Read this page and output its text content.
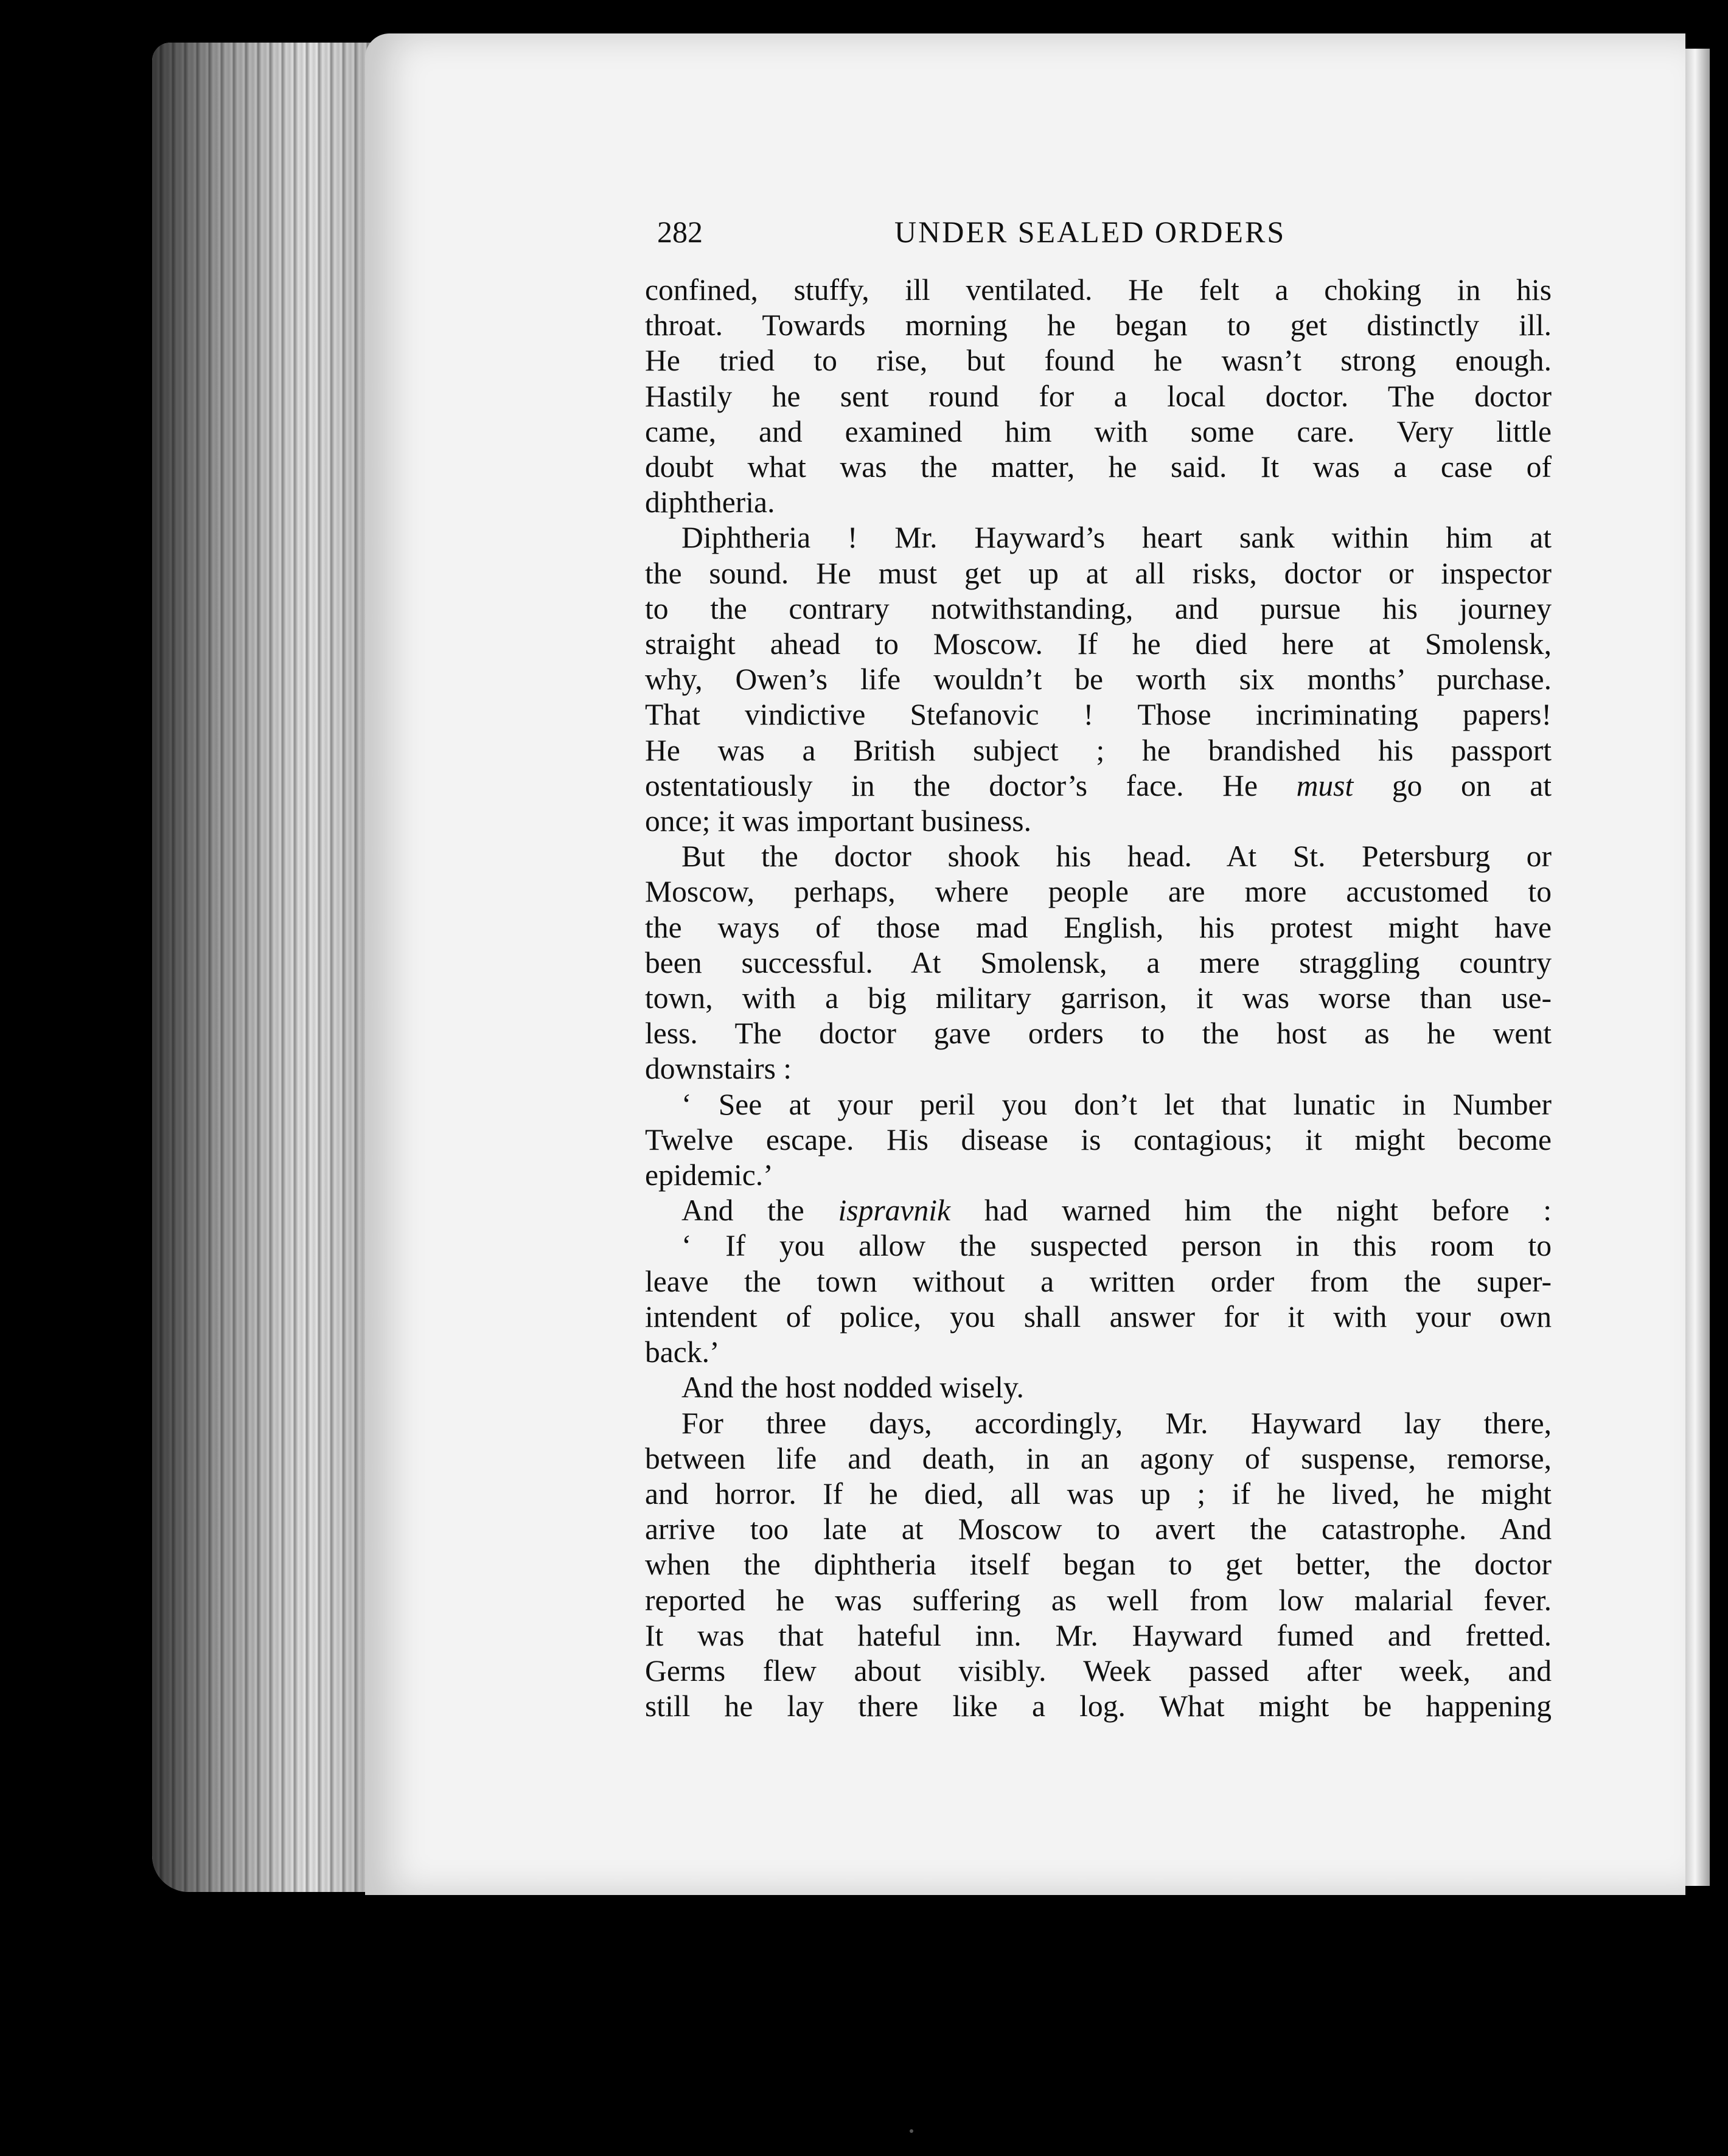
282	UNDER SEALED ORDERS
confined, stuffy, ill ventilated. He felt a choking in his
throat. Towards morning he began to get distinctly ill.
He tried to rise, but found he wasn’t strong enough.
Hastily he sent round for a local doctor. The doctor
came, and examined him with some care. Very little
doubt what was the matter, he said. It was a case of
diphtheria.
Diphtheria ! Mr. Hayward’s heart sank within him at
the sound. He must get up at all risks, doctor or inspector
to the contrary notwithstanding, and pursue his journey
straight ahead to Moscow. If he died here at Smolensk,
why, Owen’s life wouldn’t be worth six months’ purchase.
That vindictive Stefanovic ! Those incriminating papers!
He was a British subject ; he brandished his passport
ostentatiously in the doctor’s face. He must go on at
once; it was important business.
But the doctor shook his head. At St. Petersburg or
Moscow, perhaps, where people are more accustomed to
the ways of those mad English, his protest might have
been successful. At Smolensk, a mere straggling country
town, with a big military garrison, it was worse than use-
less. The doctor gave orders to the host as he went
downstairs :
‘ See at your peril you don’t let that lunatic in Number
Twelve escape. His disease is contagious; it might become
epidemic.’
And the ispravnik had warned him the night before :
‘ If you allow the suspected person in this room to
leave the town without a written order from the super-
intendent of police, you shall answer for it with your own
back.’
And the host nodded wisely.
For three days, accordingly, Mr. Hayward lay there,
between life and death, in an agony of suspense, remorse,
and horror. If he died, all was up ; if he lived, he might
arrive too late at Moscow to avert the catastrophe. And
when the diphtheria itself began to get better, the doctor
reported he was suffering as well from low malarial fever.
It was that hateful inn. Mr. Hayward fumed and fretted.
Germs flew about visibly. Week passed after week, and
still he lay there like a log. What might be happening
